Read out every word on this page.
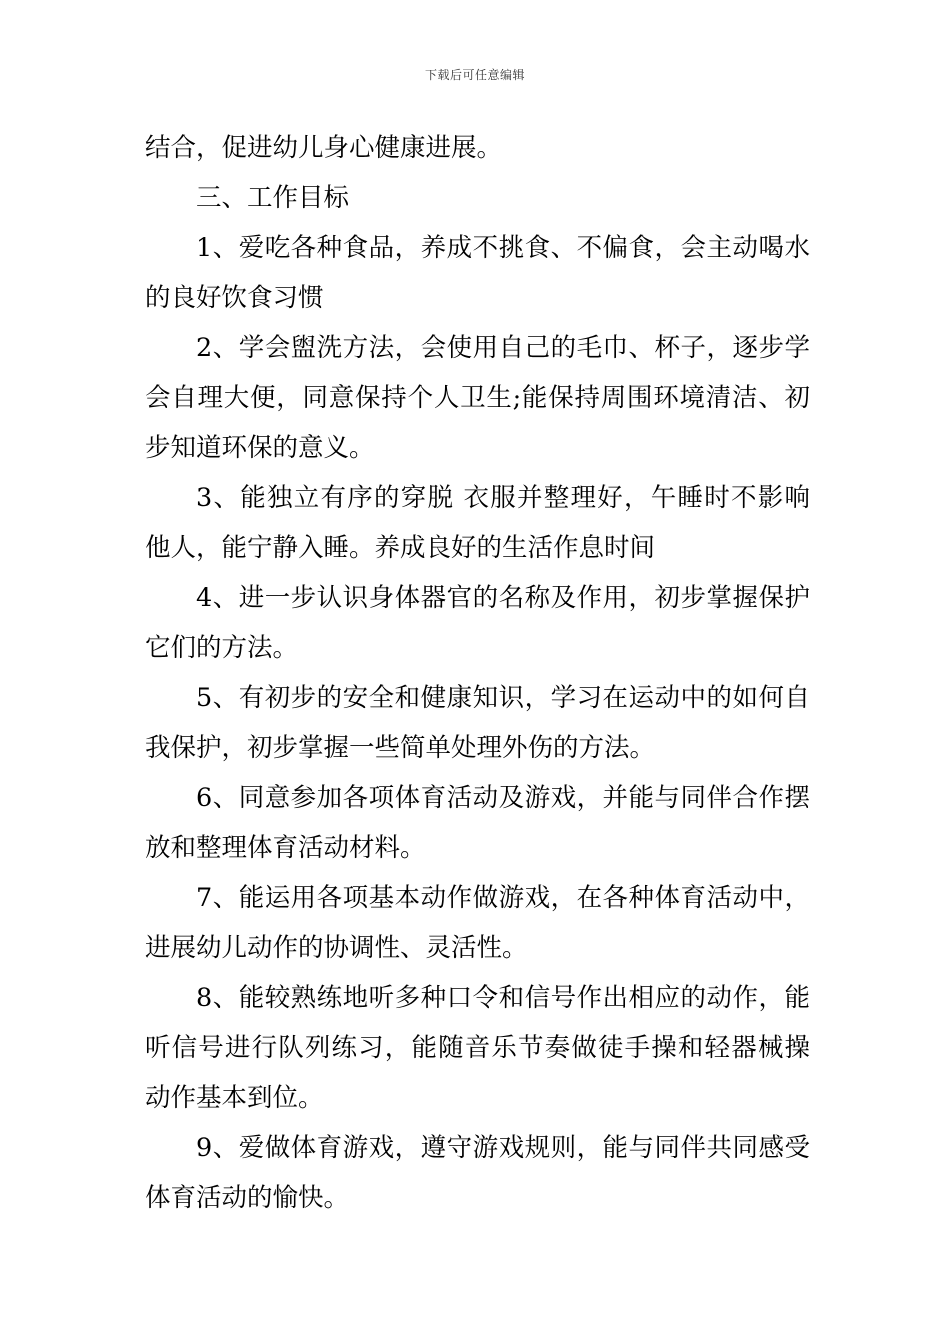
下载后可任意编辑
结合，促进幼儿身心健康进展。
三、工作目标
1、爱吃各种食品，养成不挑食、不偏食，会主动喝水
的良好饮食习惯
2、学会盥洗方法，会使用自己的毛巾、杯子，逐步学
会自理大便，同意保持个人卫生;能保持周围环境清洁、初
步知道环保的意义。
3、能独立有序的穿脱 衣服并整理好，午睡时不影响
他人，能宁静入睡。养成良好的生活作息时间
4、进一步认识身体器官的名称及作用，初步掌握保护
它们的方法。
5、有初步的安全和健康知识，学习在运动中的如何自
我保护，初步掌握一些简单处理外伤的方法。
6、同意参加各项体育活动及游戏，并能与同伴合作摆
放和整理体育活动材料。
7、能运用各项基本动作做游戏，在各种体育活动中，
进展幼儿动作的协调性、灵活性。
8、能较熟练地听多种口令和信号作出相应的动作，能
听信号进行队列练习，能随音乐节奏做徒手操和轻器械操
动作基本到位。
9、爱做体育游戏，遵守游戏规则，能与同伴共同感受
体育活动的愉快。
